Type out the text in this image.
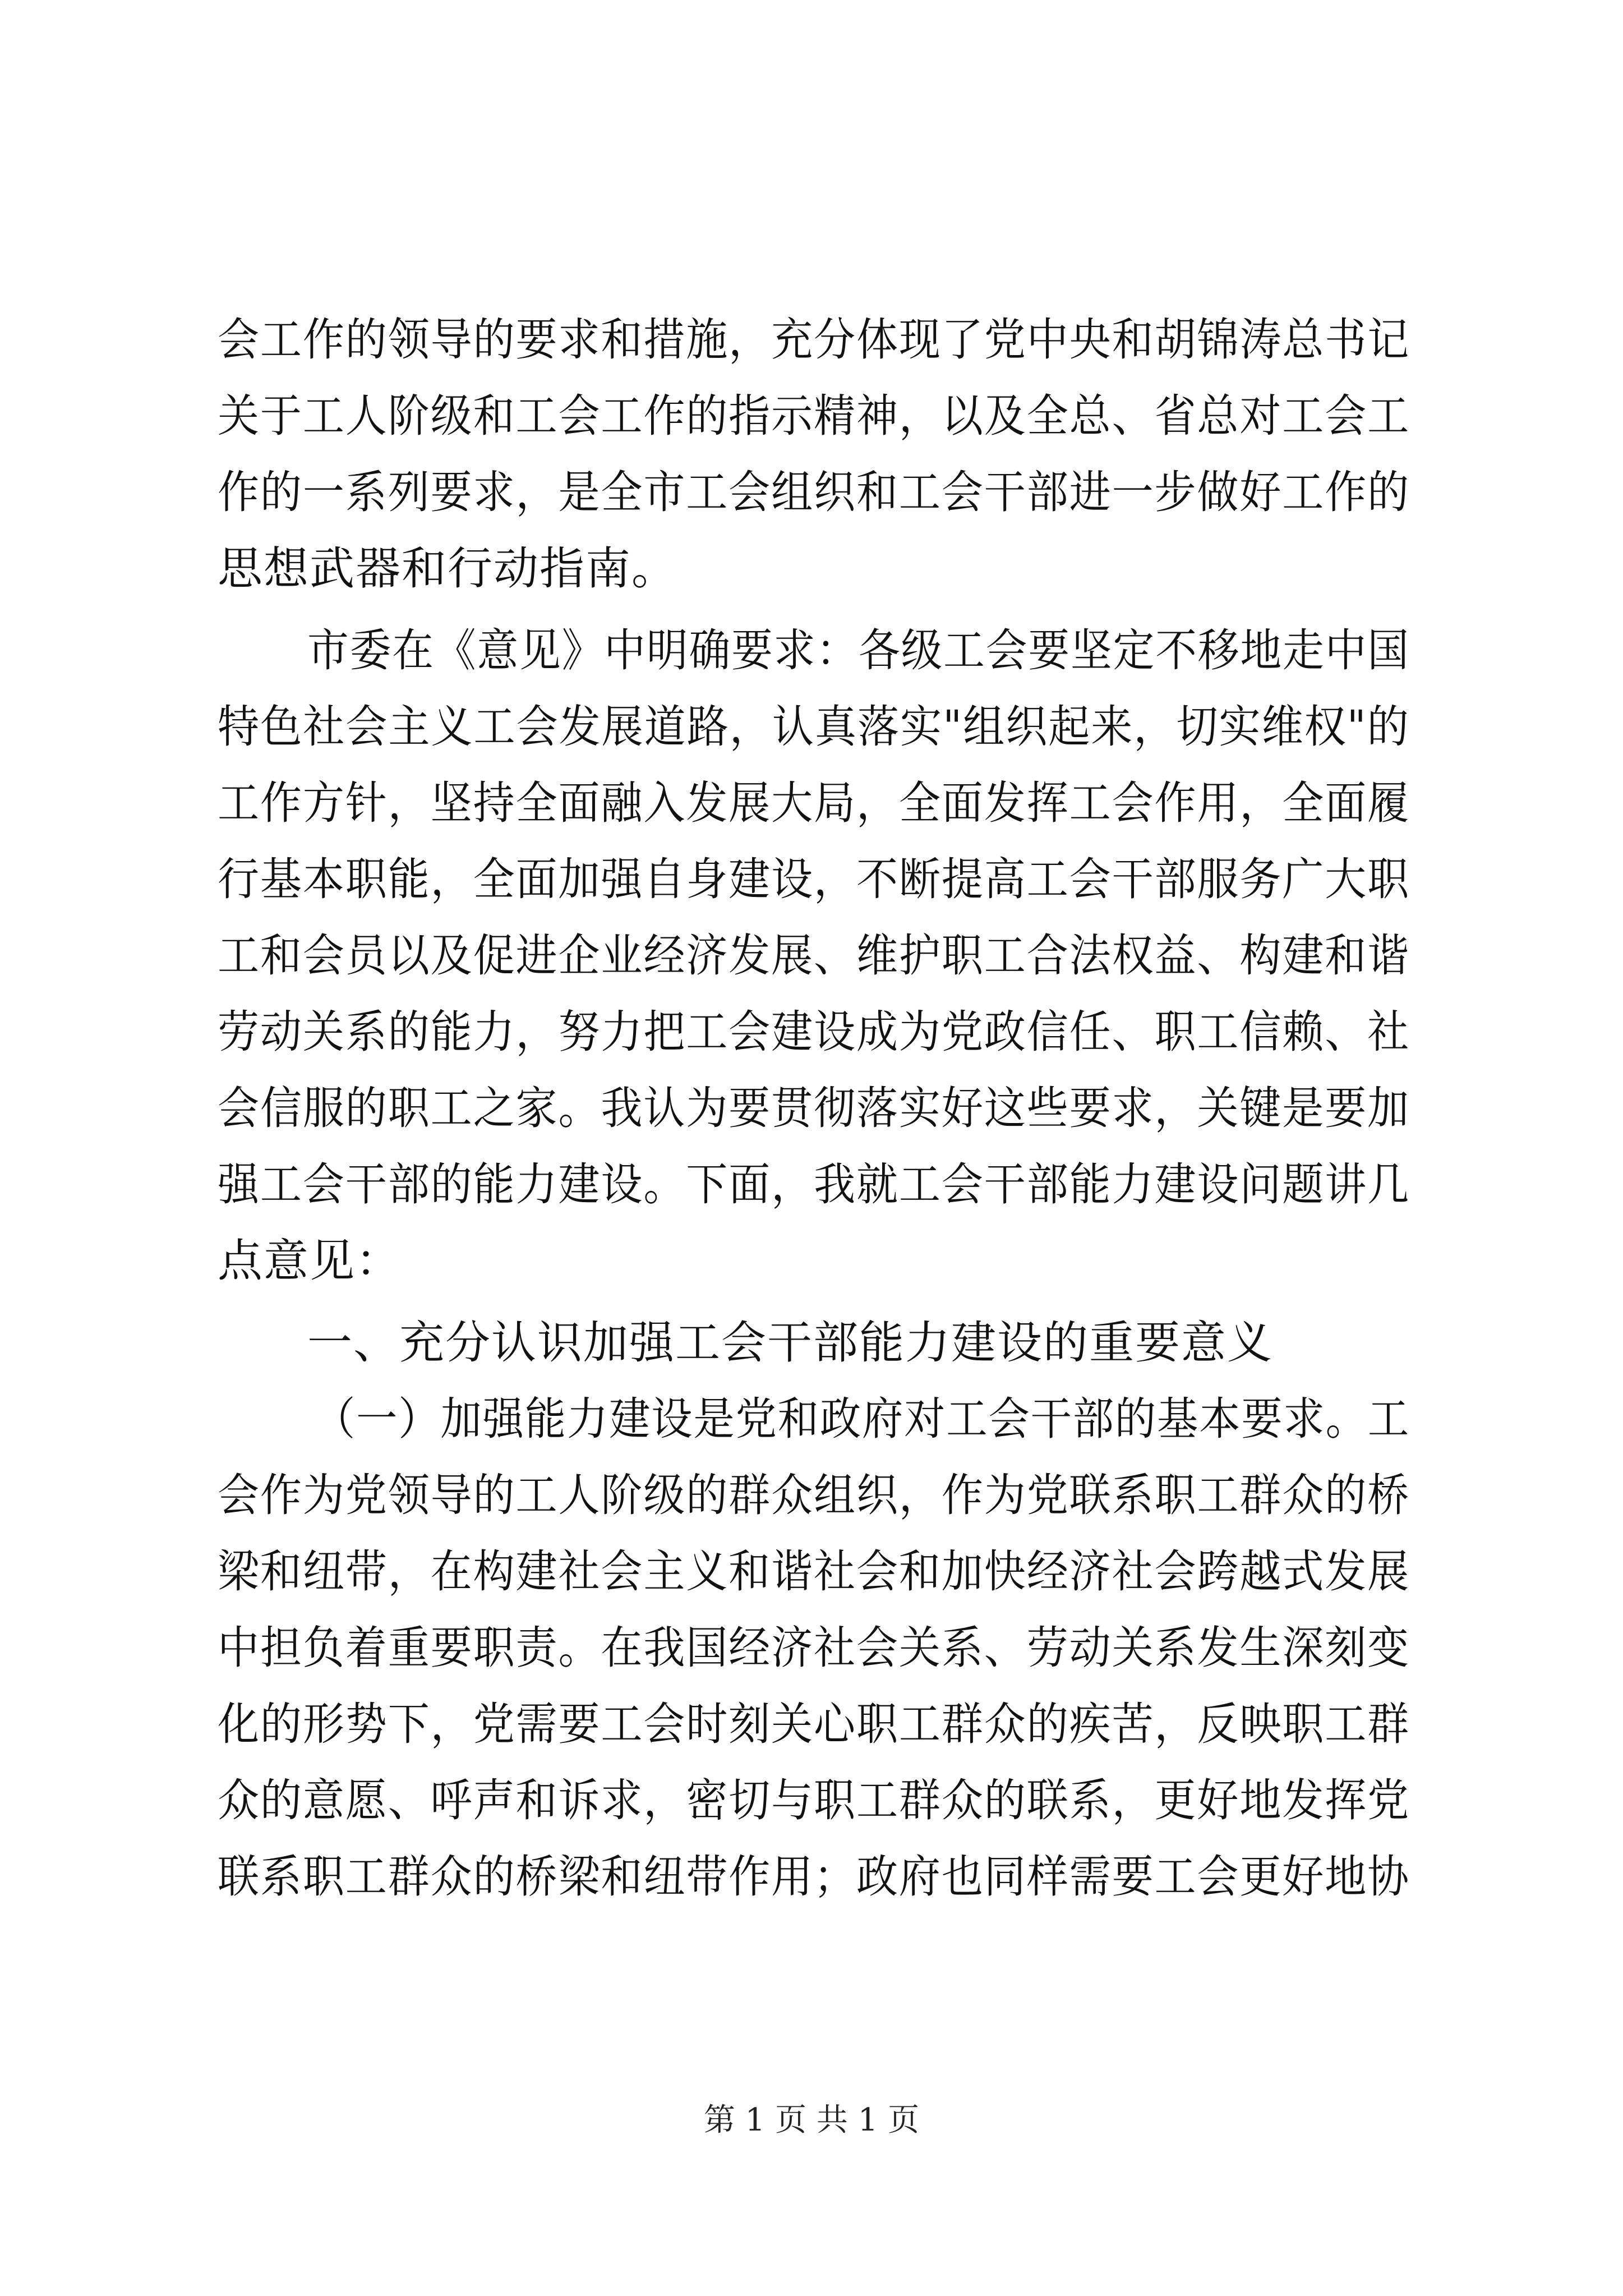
会工作的领导的要求和措施，充分体现了党中央和胡锦涛总书记
关于工人阶级和工会工作的指示精神，以及全总、省总对工会工
作的一系列要求，是全市工会组织和工会干部进一步做好工作的
思想武器和行动指南。
市委在《意见》中明确要求：各级工会要坚定不移地走中国
特色社会主义工会发展道路，认真落实"组织起来，切实维权"的
工作方针，坚持全面融入发展大局，全面发挥工会作用，全面履
行基本职能，全面加强自身建设，不断提高工会干部服务广大职
工和会员以及促进企业经济发展、维护职工合法权益、构建和谐
劳动关系的能力，努力把工会建设成为党政信任、职工信赖、社
会信服的职工之家。我认为要贯彻落实好这些要求，关键是要加
强工会干部的能力建设。下面，我就工会干部能力建设问题讲几
点意见：
一、充分认识加强工会干部能力建设的重要意义
（一）加强能力建设是党和政府对工会干部的基本要求。工
会作为党领导的工人阶级的群众组织，作为党联系职工群众的桥
梁和纽带，在构建社会主义和谐社会和加快经济社会跨越式发展
中担负着重要职责。在我国经济社会关系、劳动关系发生深刻变
化的形势下，党需要工会时刻关心职工群众的疾苦，反映职工群
众的意愿、呼声和诉求，密切与职工群众的联系，更好地发挥党
联系职工群众的桥梁和纽带作用；政府也同样需要工会更好地协
第 1 页 共 1 页
